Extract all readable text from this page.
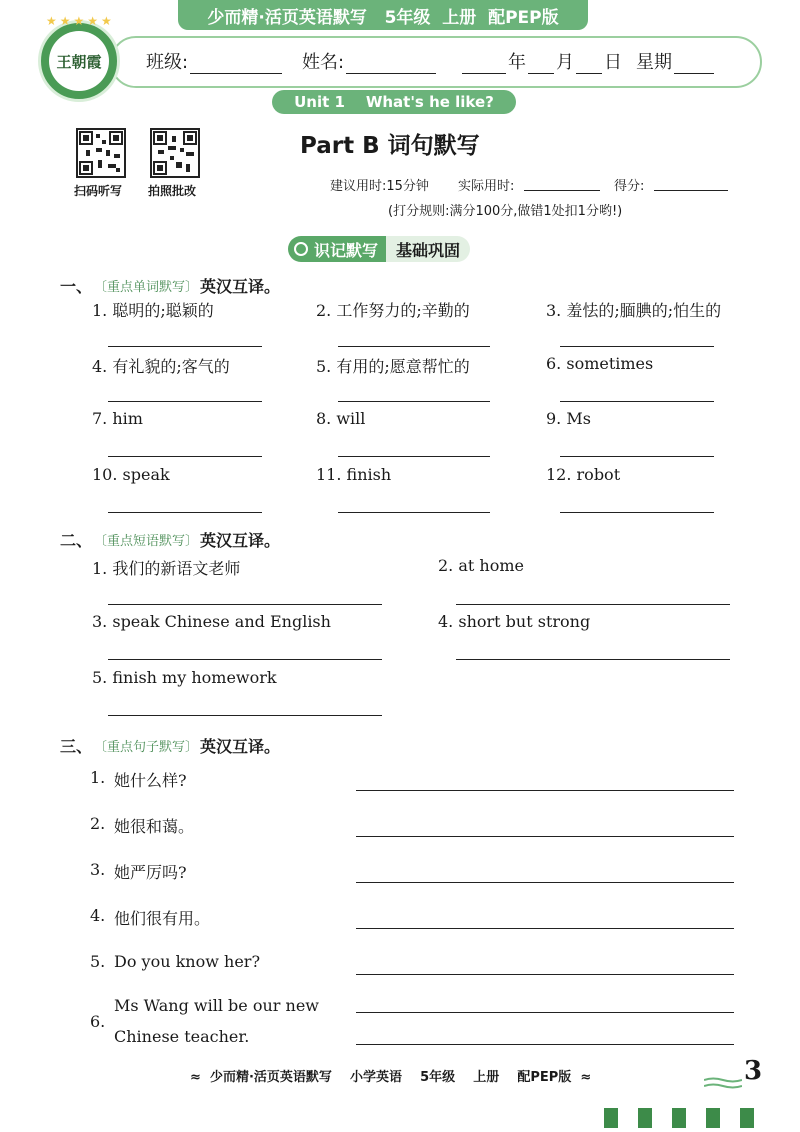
少而精·活页英语默写   5年级  上册  配PEP版
班级:	姓名:	年 月 日 星期
王朝霞
★★★★★
Unit 1    What's he like?
扫码听写 拍照批改
Part B 词句默写
建议用时:15分钟 实际用时:	得分:
(打分规则:满分100分,做错1处扣1分哟!)
识记默写	基础巩固
一、 〔重点单词默写〕 英汉互译。
1. 聪明的;聪颖的	2. 工作努力的;辛勤的	3. 羞怯的;腼腆的;怕生的
4. 有礼貌的;客气的	5. 有用的;愿意帮忙的	6. sometimes
7. him	8. will	9. Ms
10. speak	11. finish	12. robot
二、 〔重点短语默写〕 英汉互译。
1. 我们的新语文老师	2. at home
3. speak Chinese and English	4. short but strong
5. finish my homework
三、 〔重点句子默写〕 英汉互译。
1. 她什么样?
2. 她很和蔼。
3. 她严厉吗?
4. 他们很有用。
5. Do you know her?
6.
Ms Wang will be our new
Chinese teacher.
≈  少而精·活页英语默写    小学英语    5年级    上册    配PEP版  ≈	3
